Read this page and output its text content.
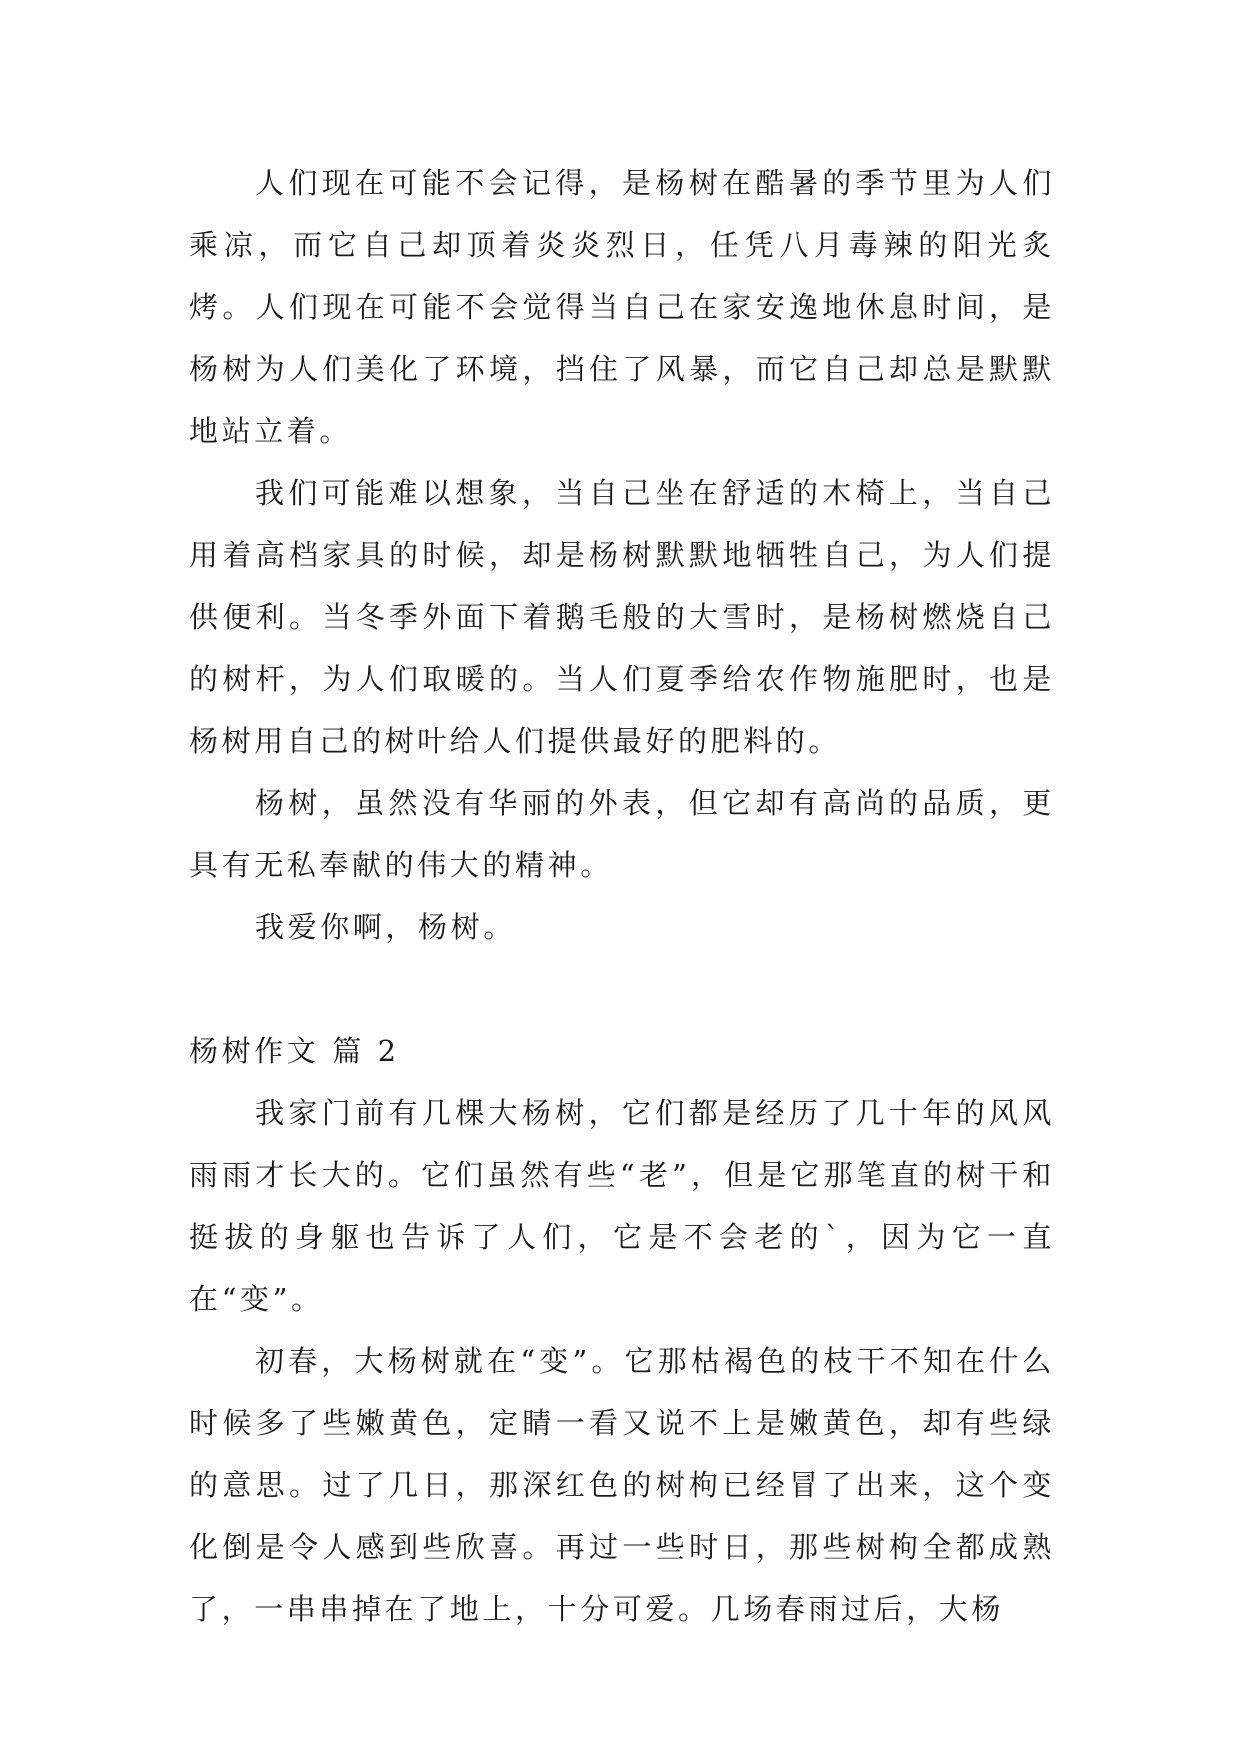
人们现在可能不会记得，是杨树在酷暑的季节里为人们乘凉，而它自己却顶着炎炎烈日，任凭八月毒辣的阳光炙烤。人们现在可能不会觉得当自己在家安逸地休息时间，是杨树为人们美化了环境，挡住了风暴，而它自己却总是默默地站立着。

我们可能难以想象，当自己坐在舒适的木椅上，当自己用着高档家具的时候，却是杨树默默地牺牲自己，为人们提供便利。当冬季外面下着鹅毛般的大雪时，是杨树燃烧自己的树杆，为人们取暖的。当人们夏季给农作物施肥时，也是杨树用自己的树叶给人们提供最好的肥料的。

杨树，虽然没有华丽的外表，但它却有高尚的品质，更具有无私奉献的伟大的精神。

我爱你啊，杨树。

杨树作文 篇 2

我家门前有几棵大杨树，它们都是经历了几十年的风风雨雨才长大的。它们虽然有些“老”，但是它那笔直的树干和挺拔的身躯也告诉了人们，它是不会老的`，因为它一直在“变”。

初春，大杨树就在“变”。它那枯褐色的枝干不知在什么时候多了些嫩黄色，定睛一看又说不上是嫩黄色，却有些绿的意思。过了几日，那深红色的树枸已经冒了出来，这个变化倒是令人感到些欣喜。再过一些时日，那些树枸全都成熟了，一串串掉在了地上，十分可爱。几场春雨过后，大杨
